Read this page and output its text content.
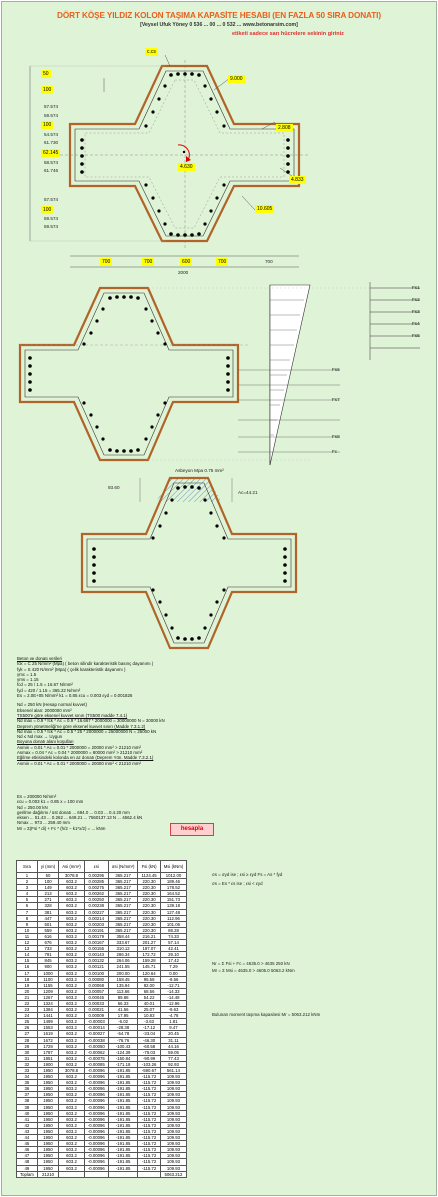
DÖRT KÖŞE YILDIZ KOLON TAŞIMA KAPASİTE HESABI (EN FAZLA 50 SIRA DONATI)
[Veysel Ufuk Yöney 0 536 ... 00 ... 0 532 ... www.betonarsim.com]
etiketi sadece sarı hücrelere sekinin giriniz
50
100
c.cs
4.630
9.000
2.808
4.833
10.605
57.574
59.574
100
54.574
61.730
62.145
58.574
61.746
57.574
100
59.574
59.574
700	700	600	700	700
2000
Fs1
Fs2
Fs3
Fs4
Fs5
Fs6
Fs7
Fs8
Fc
Asbeyon Mpa 0.75 mm²
93.60
Ac=44.21
Beton ve donatı verileri
fck = C 25 N/mm² (Mpa) ( beton silindir karakteristik basınç dayanımı )
fyk = S 420 N/mm² (Mpa) ( çelik karakteristik dayanımı )
γmc = 1.5
γms = 1.15
fcd = 25 / 1.5 = 16.67 N/mm²
fyd = 420 / 1.15 = 365.22 N/mm²
Es = 2.0E+05 N/mm² k1 = 0.85 εcu = 0.003 εyd = 0.001826
Nd = 250 kN (Hesap normal kuvvet)
Eksenel alan: 2000000 mm²
TS500'e göre eksenel kuvvet sınırı (TS500 madde 7.4.1)
Nd max = 0.9 * fck * Ac = 0.9 * 16.667 * 2000000 = 30000000 N = 30000 kN
Deprem yönetmeliği'ne göre eksenel kuvvet sınırı (Madde 7.3.1.2)
Nd max = 0.5 * fck * Ac = 0.5 * 25 * 2000000 = 25000000 N = 25000 kN
Nd ≤ Nd max → Uygun
Boyuna donatı alanı koşulları
Asmin = 0.01 * Ac = 0.01 * 2000000 = 20000 mm² > 21210 mm²
Asmax = 0.04 * Ac = 0.04 * 2000000 = 80000 mm² > 21210 mm²
Eğilme etkisindeki kolonda en az donatı (Deprem Yön. Madde 7.3.2.1)
Asmin = 0.01 * Ac = 0.01 * 2000000 = 20000 mm² < 21210 mm²
Es = 200000 N/mm²
εcu = 0.003 k1 = 0.85 x = 100 mm
Nd = 250.00 kN
gerilme dağılımı / üst donatı ... 694.0 ... 0.03 ... 0.4.20 mm
eksen ... 51.43 ... 0.262 ... 649.21 ... 7560137.13 N ... 4662.4 kN
Nmax ... 973 ... 259.40 mm
Mr = Σ(Fsi * di) + Fc * (h/2 − k1*x/2) = ... kNm	hesapla
Sıra	yi (mm)	Asi (mm²)	εsi	σsi (N/mm²)	Fsi (kN)	Msi (kNm)
1	50	3078.8	0.00295	365.217	1124.45	1012.00
2	100	603.2	0.00285	365.217	220.30	189.46
3	149	603.2	0.00275	365.217	220.30	178.52
4	213	603.2	0.00262	365.217	220.30	164.52
5	271	603.2	0.00250	365.217	220.30	151.73
6	328	603.2	0.00238	365.217	220.30	139.18
7	381	603.2	0.00227	365.217	220.30	127.48
8	447	603.2	0.00214	365.217	220.30	112.96
9	501	603.2	0.00203	365.217	220.30	101.06
10	559	603.2	0.00191	365.217	220.30	88.28
11	616	603.2	0.00179	358.44	216.21	74.33
12	676	603.2	0.00167	333.67	201.27	57.14
13	733	603.2	0.00155	310.12	187.07	42.41
14	791	603.2	0.00143	286.34	172.72	29.10
15	845	603.2	0.00132	264.06	159.28	17.42
16	900	603.2	0.00121	241.55	145.71	7.29
17	1000	603.2	0.00100	200.00	120.64	0.00
18	1100	603.2	0.00080	158.45	95.58	-9.56
19	1155	603.2	0.00068	135.94	82.00	-12.71
20	1209	603.2	0.00057	113.66	68.56	-14.33
21	1267	603.2	0.00045	89.88	54.22	-14.48
22	1324	603.2	0.00033	66.33	40.01	-12.96
23	1384	603.2	0.00021	41.56	25.07	-9.63
24	1441	603.2	0.00009	17.95	10.83	-4.78
25	1499	603.2	-0.00003	-6.02	-3.63	1.81
26	1553	603.2	-0.00014	-28.38	-17.12	9.47
27	1619	603.2	-0.00027	-54.78	-33.04	20.45
28	1672	603.2	-0.00038	-76.76	-46.30	31.11
29	1729	603.2	-0.00050	-100.43	-60.58	44.16
30	1787	603.2	-0.00062	-124.39	-75.03	59.05
31	1851	603.2	-0.00075	-150.84	-90.99	77.43
32	1900	603.2	-0.00085	-171.18	-103.26	92.93
33	1950	3078.8	-0.00096	-191.85	-590.67	561.14
34	1950	603.2	-0.00096	-191.85	-115.72	109.93
35	1950	603.2	-0.00096	-191.85	-115.72	109.93
36	1950	603.2	-0.00096	-191.85	-115.72	109.93
37	1950	603.2	-0.00096	-191.85	-115.72	109.93
38	1950	603.2	-0.00096	-191.85	-115.72	109.93
39	1950	603.2	-0.00096	-191.85	-115.72	109.93
40	1950	603.2	-0.00096	-191.85	-115.72	109.93
41	1950	603.2	-0.00096	-191.85	-115.72	109.93
42	1950	603.2	-0.00096	-191.85	-115.72	109.93
43	1950	603.2	-0.00096	-191.85	-115.72	109.93
44	1950	603.2	-0.00096	-191.85	-115.72	109.93
45	1950	603.2	-0.00096	-191.85	-115.72	109.93
46	1950	603.2	-0.00096	-191.85	-115.72	109.93
47	1950	603.2	-0.00096	-191.85	-115.72	109.93
48	1950	603.2	-0.00096	-191.85	-115.72	109.93
49	1950	603.2	-0.00096	-191.85	-115.72	109.93
Toplam	21210					5063.212
σs = σyd ise ; εsi ≥ εyd Fs = As * fyd
σs = Es * εs ise ; εsi < εyd
Nr = Σ Fsi + Fc = 4635.0 > 4635 250 kN
Mr = Σ Msi = 4635.0 > 4605.0 5063.2 kNm
Bulunan moment taşıma kapasitesi Mr = 5063.212 kNm
